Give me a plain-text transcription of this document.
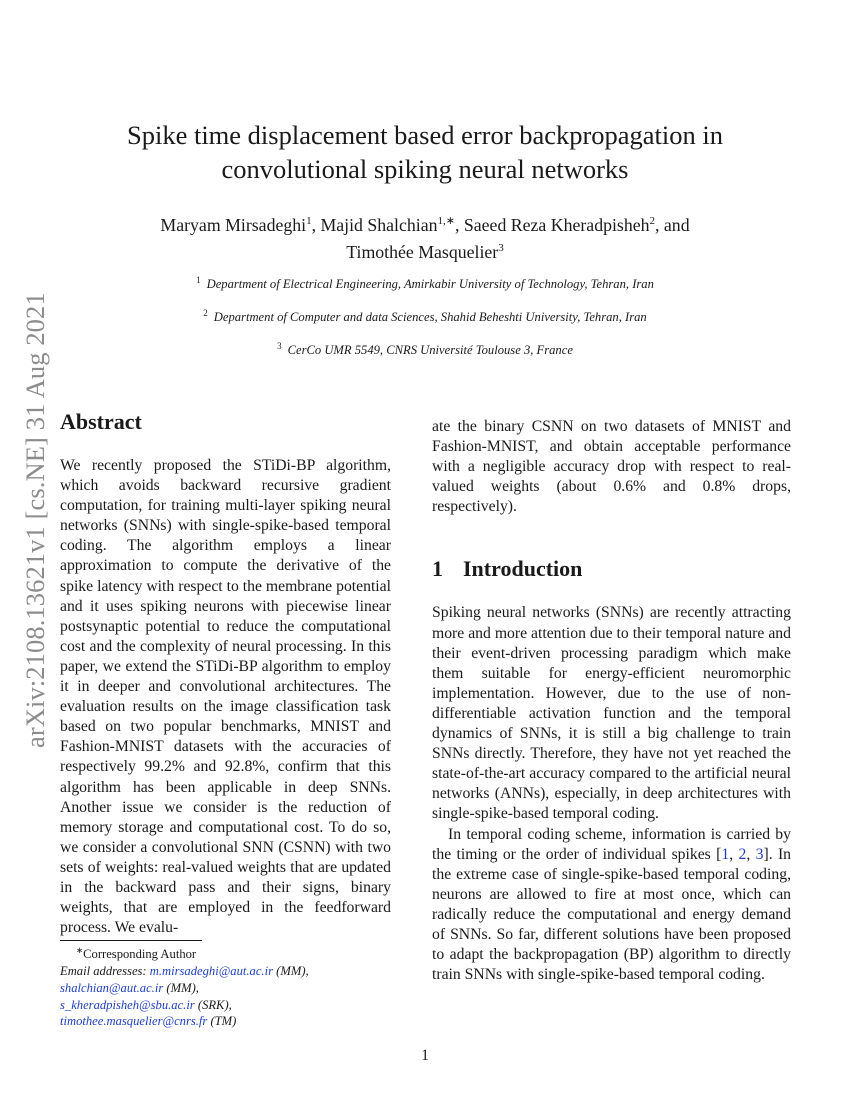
arXiv:2108.13621v1 [cs.NE] 31 Aug 2021
Spike time displacement based error backpropagation in
convolutional spiking neural networks
Maryam Mirsadeghi$^1$, Majid Shalchian$^{1,∗}$, Saeed Reza Kheradpisheh$^2$, and
Timothée Masquelier$^3$
$^1$ Department of Electrical Engineering, Amirkabir University of Technology, Tehran, Iran
$^2$ Department of Computer and data Sciences, Shahid Beheshti University, Tehran, Iran
$^3$ CerCo UMR 5549, CNRS Université Toulouse 3, France
Abstract

We recently proposed the STiDi-BP algorithm, which avoids backward recursive gradient computation, for training multi-layer spiking neural networks (SNNs) with single-spike-based temporal coding. The algorithm employs a linear approximation to compute the derivative of the spike latency with respect to the membrane potential and it uses spiking neurons with piecewise linear postsynaptic potential to reduce the computational cost and the complexity of neural processing. In this paper, we extend the STiDi-BP algorithm to employ it in deeper and convolutional architectures. The evaluation results on the image classification task based on two popular benchmarks, MNIST and Fashion-MNIST datasets with the accuracies of respectively 99.2% and 92.8%, confirm that this algorithm has been applicable in deep SNNs. Another issue we consider is the reduction of memory storage and computational cost. To do so, we consider a convolutional SNN (CSNN) with two sets of weights: real-valued weights that are updated in the backward pass and their signs, binary weights, that are employed in the feedforward process. We evalu-

ate the binary CSNN on two datasets of MNIST and Fashion-MNIST, and obtain acceptable performance with a negligible accuracy drop with respect to real-valued weights (about 0.6% and 0.8% drops, respectively).

1 Introduction

Spiking neural networks (SNNs) are recently attracting more and more attention due to their temporal nature and their event-driven processing paradigm which make them suitable for energy-efficient neuromorphic implementation. However, due to the use of non-differentiable activation function and the temporal dynamics of SNNs, it is still a big challenge to train SNNs directly. Therefore, they have not yet reached the state-of-the-art accuracy compared to the artificial neural networks (ANNs), especially, in deep architectures with single-spike-based temporal coding.

In temporal coding scheme, information is carried by the timing or the order of individual spikes [1, 2, 3]. In the extreme case of single-spike-based temporal coding, neurons are allowed to fire at most once, which can radically reduce the computational and energy demand of SNNs. So far, different solutions have been proposed to adapt the backpropagation (BP) algorithm to directly train SNNs with single-spike-based temporal coding.

∗Corresponding Author
Email addresses: m.mirsadeghi@aut.ac.ir (MM),
shalchian@aut.ac.ir (MM),
s_kheradpisheh@sbu.ac.ir (SRK),
timothee.masquelier@cnrs.fr (TM)
1
